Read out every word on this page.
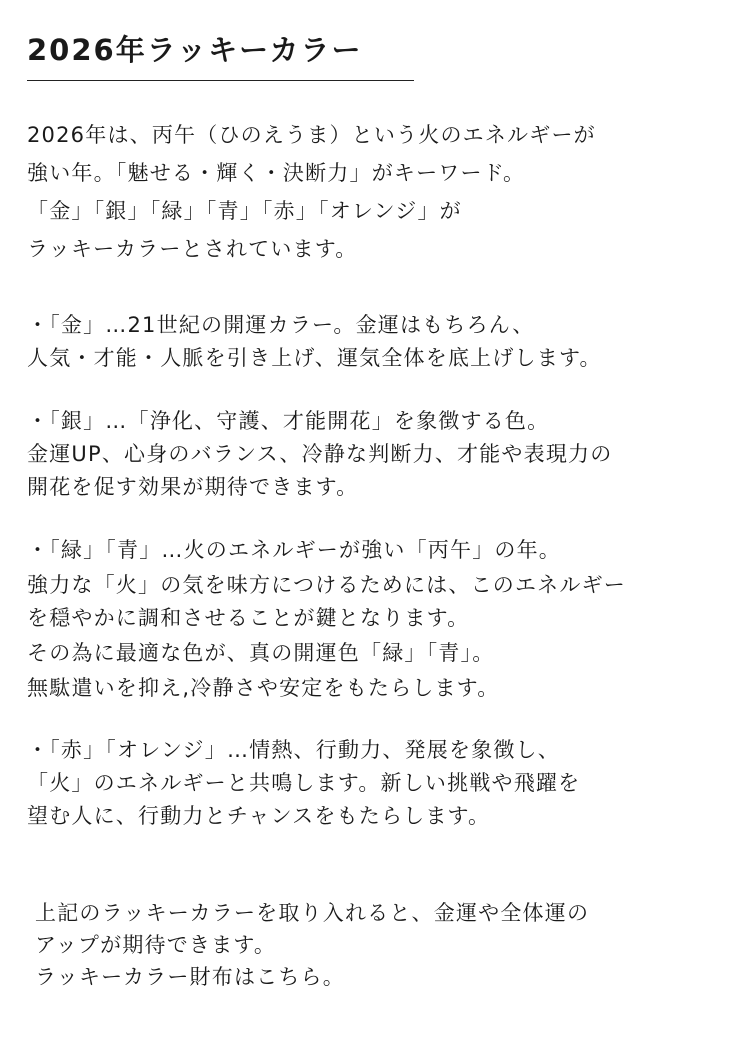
2026年ラッキーカラー
2026年は、丙午（ひのえうま）という火のエネルギーが
強い年。「魅せる・輝く・決断力」がキーワード。
「金」「銀」「緑」「青」「赤」「オレンジ」が
ラッキーカラーとされています。
・「金」…21世紀の開運カラー。金運はもちろん、
人気・才能・人脈を引き上げ、運気全体を底上げします。
・「銀」…「浄化、守護、才能開花」を象徴する色。
金運UP、心身のバランス、冷静な判断力、才能や表現力の
開花を促す効果が期待できます。
・「緑」「青」…火のエネルギーが強い「丙午」の年。
強力な「火」の気を味方につけるためには、このエネルギー
を穏やかに調和させることが鍵となります。
その為に最適な色が、真の開運色「緑」「青」。
無駄遣いを抑え,冷静さや安定をもたらします。
・「赤」「オレンジ」…情熱、行動力、発展を象徴し、
「火」のエネルギーと共鳴します。新しい挑戦や飛躍を
望む人に、行動力とチャンスをもたらします。
上記のラッキーカラーを取り入れると、金運や全体運の
アップが期待できます。
ラッキーカラー財布はこちら。
